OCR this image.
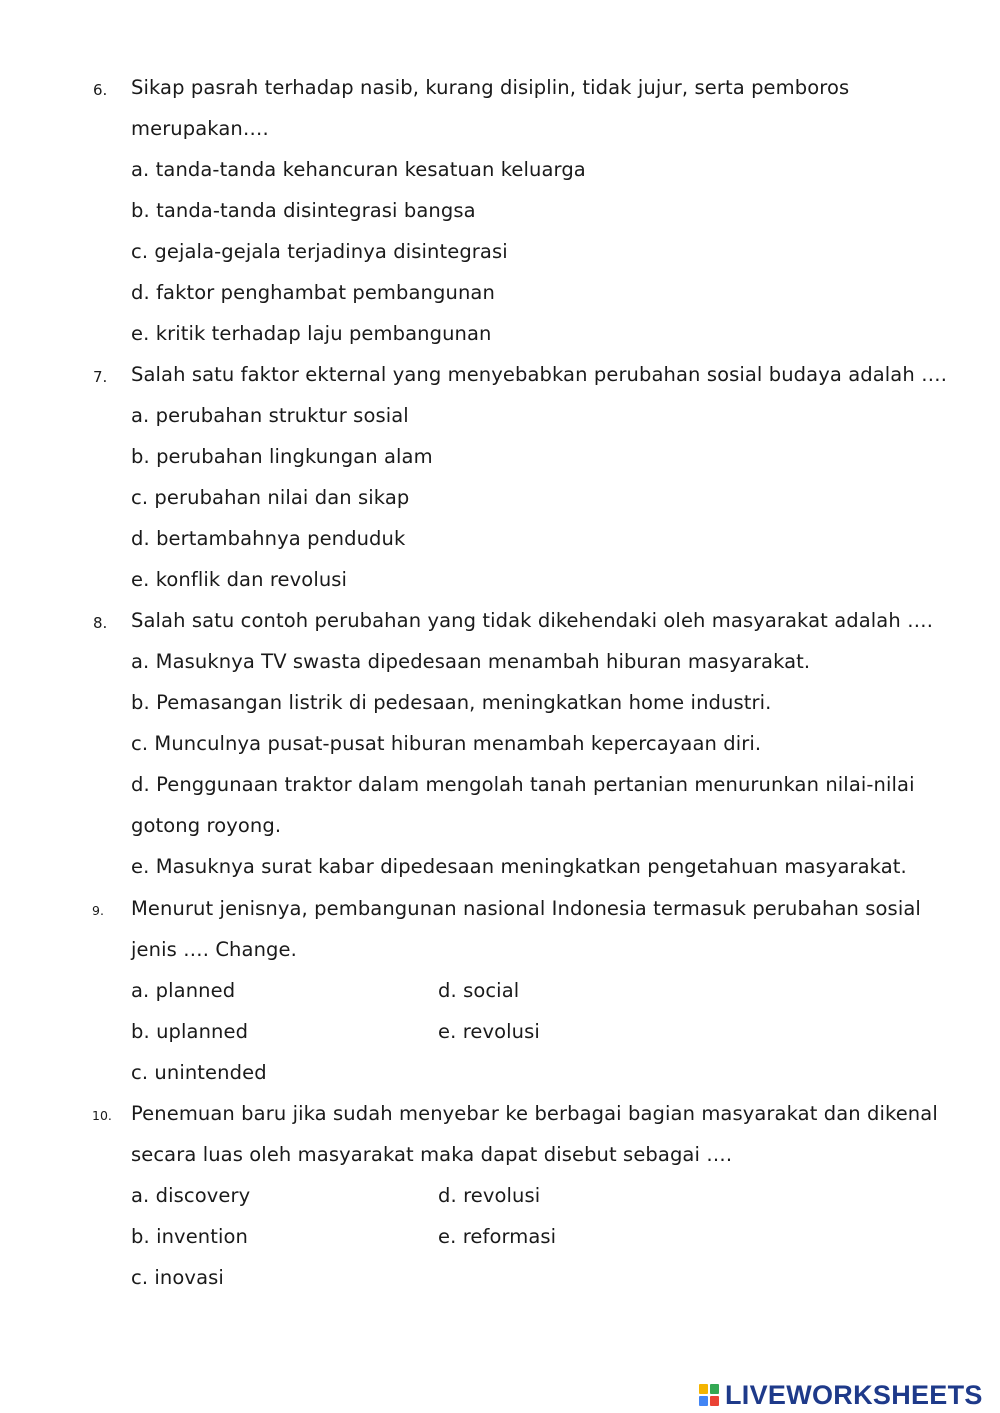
6. Sikap pasrah terhadap nasib, kurang disiplin, tidak jujur, serta pemboros
merupakan….
a. tanda-tanda kehancuran kesatuan keluarga
b. tanda-tanda disintegrasi bangsa
c. gejala-gejala terjadinya disintegrasi
d. faktor penghambat pembangunan
e. kritik terhadap laju pembangunan
7. Salah satu faktor ekternal yang menyebabkan perubahan sosial budaya adalah ….
a. perubahan struktur sosial
b. perubahan lingkungan alam
c. perubahan nilai dan sikap
d. bertambahnya penduduk
e. konflik dan revolusi
8. Salah satu contoh perubahan yang tidak dikehendaki oleh masyarakat adalah ….
a. Masuknya TV swasta dipedesaan menambah hiburan masyarakat.
b. Pemasangan listrik di pedesaan, meningkatkan home industri.
c. Munculnya pusat-pusat hiburan menambah kepercayaan diri.
d. Penggunaan traktor dalam mengolah tanah pertanian menurunkan nilai-nilai
gotong royong.
e. Masuknya surat kabar dipedesaan meningkatkan pengetahuan masyarakat.
9. Menurut jenisnya, pembangunan nasional Indonesia termasuk perubahan sosial
jenis …. Change.
a. planned
b. uplanned
c. unintended
d. social
e. revolusi
10. Penemuan baru jika sudah menyebar ke berbagai bagian masyarakat dan dikenal
secara luas oleh masyarakat maka dapat disebut sebagai ….
a. discovery
b. invention
c. inovasi
d. revolusi
e. reformasi
LIVEWORKSHEETS
